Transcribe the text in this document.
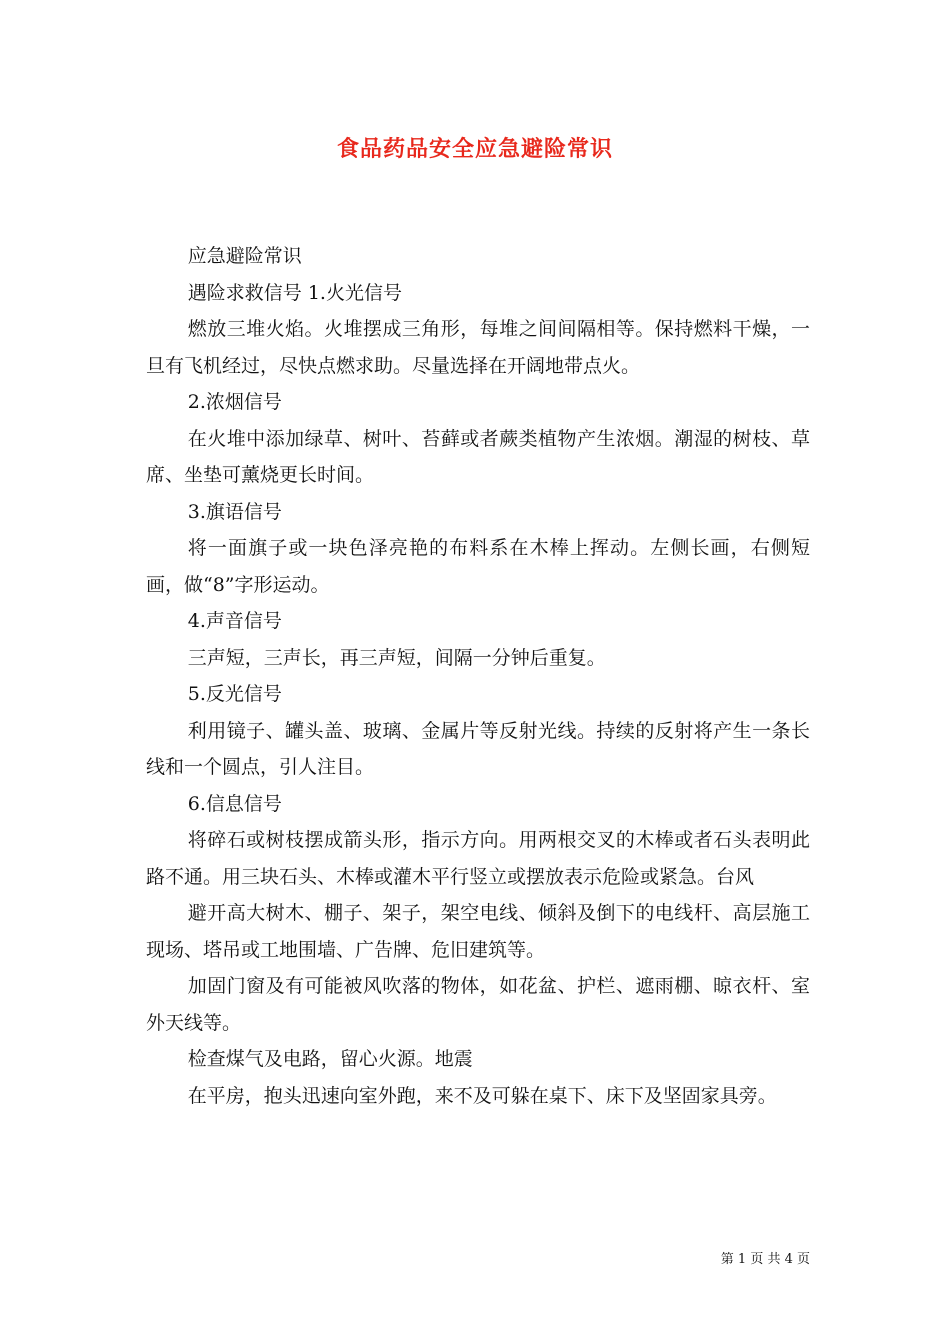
食品药品安全应急避险常识

应急避险常识

遇险求救信号 1.火光信号

燃放三堆火焰。火堆摆成三角形，每堆之间间隔相等。保持燃料干燥，一旦有飞机经过，尽快点燃求助。尽量选择在开阔地带点火。

2.浓烟信号

在火堆中添加绿草、树叶、苔藓或者蕨类植物产生浓烟。潮湿的树枝、草席、坐垫可薰烧更长时间。

3.旗语信号

将一面旗子或一块色泽亮艳的布料系在木棒上挥动。左侧长画，右侧短画，做“8”字形运动。

4.声音信号

三声短，三声长，再三声短，间隔一分钟后重复。

5.反光信号

利用镜子、罐头盖、玻璃、金属片等反射光线。持续的反射将产生一条长线和一个圆点，引人注目。

6.信息信号

将碎石或树枝摆成箭头形，指示方向。用两根交叉的木棒或者石头表明此路不通。用三块石头、木棒或灌木平行竖立或摆放表示危险或紧急。台风

避开高大树木、棚子、架子，架空电线、倾斜及倒下的电线杆、高层施工现场、塔吊或工地围墙、广告牌、危旧建筑等。

加固门窗及有可能被风吹落的物体，如花盆、护栏、遮雨棚、晾衣杆、室外天线等。

检查煤气及电路，留心火源。地震

在平房，抱头迅速向室外跑，来不及可躲在桌下、床下及坚固家具旁。

第 1 页 共 4 页
